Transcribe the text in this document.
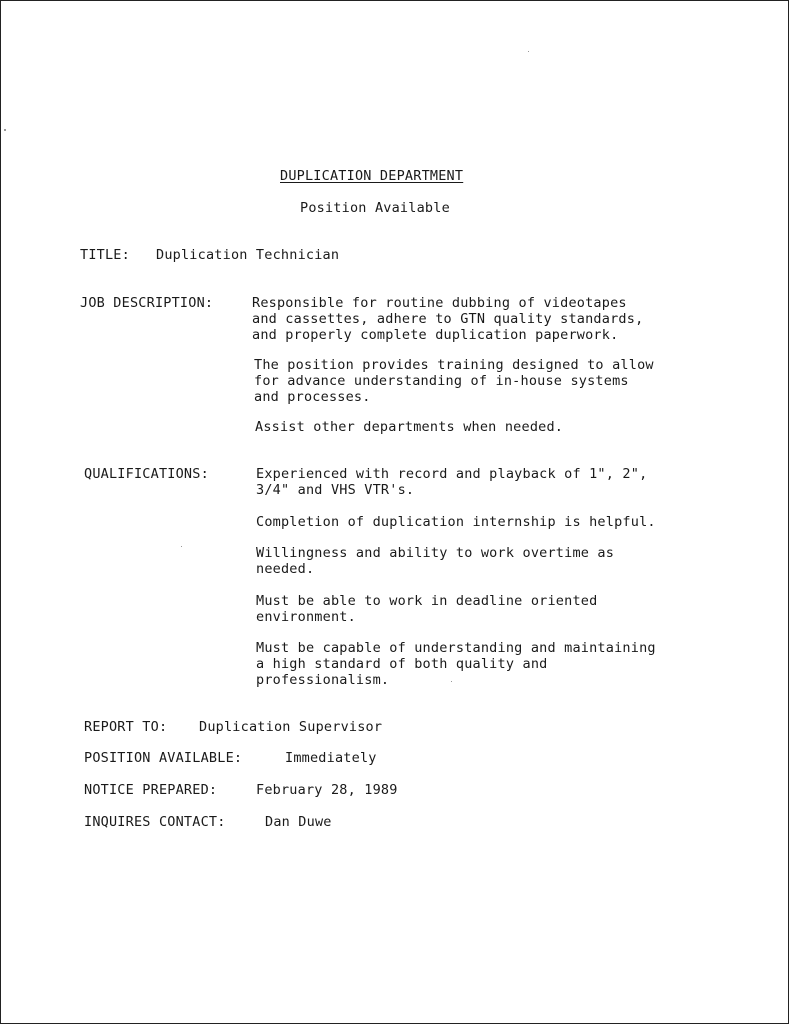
DUPLICATION DEPARTMENT
Position Available
TITLE: Duplication Technician
JOB DESCRIPTION:	Responsible for routine dubbing of videotapes
and cassettes, adhere to GTN quality standards,
and properly complete duplication paperwork.
The position provides training designed to allow
for advance understanding of in-house systems
and processes.
Assist other departments when needed.
QUALIFICATIONS:	Experienced with record and playback of 1", 2",
3/4" and VHS VTR's.
Completion of duplication internship is helpful.
Willingness and ability to work overtime as
needed.
Must be able to work in deadline oriented
environment.
Must be capable of understanding and maintaining
a high standard of both quality and
professionalism.
REPORT TO: Duplication Supervisor
POSITION AVAILABLE:	Immediately
NOTICE PREPARED:	February 28, 1989
INQUIRES CONTACT:	Dan Duwe
